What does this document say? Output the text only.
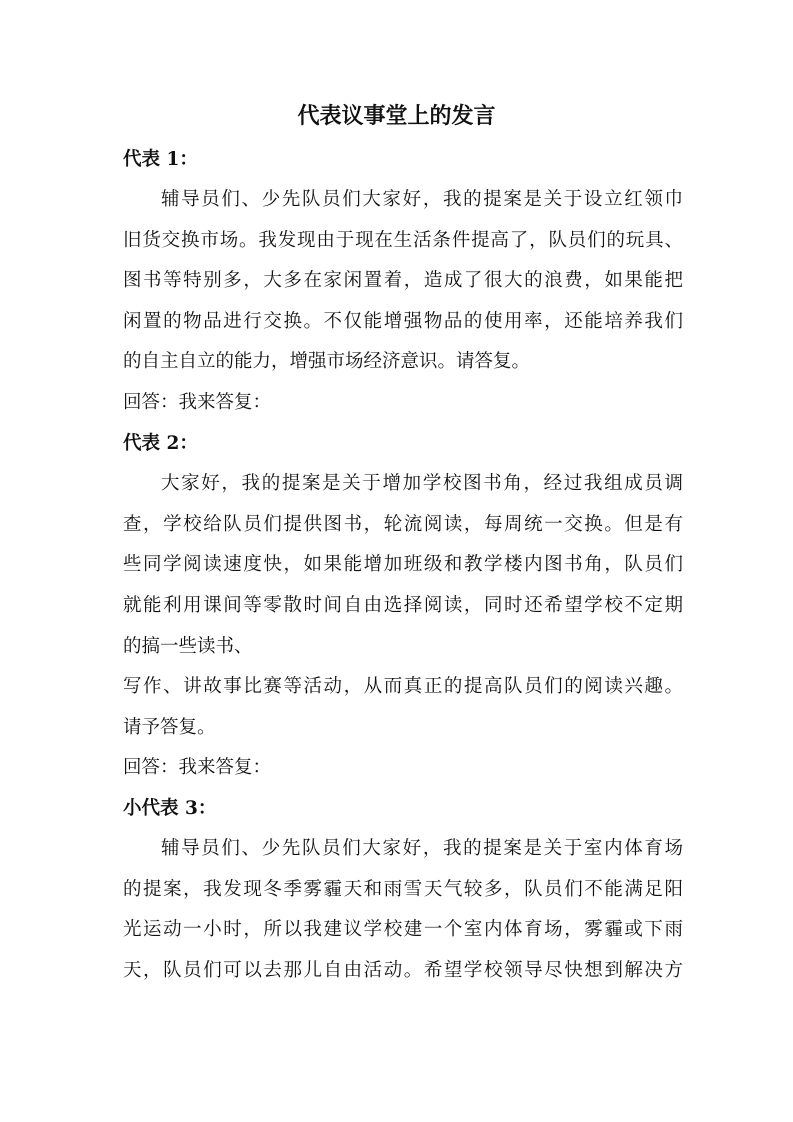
代表议事堂上的发言

代表 1：

辅导员们、少先队员们大家好，我的提案是关于设立红领巾

旧货交换市场。我发现由于现在生活条件提高了，队员们的玩具、

图书等特别多，大多在家闲置着，造成了很大的浪费，如果能把

闲置的物品进行交换。不仅能增强物品的使用率，还能培养我们

的自主自立的能力，增强市场经济意识。请答复。

回答：我来答复：

代表 2：

大家好，我的提案是关于增加学校图书角，经过我组成员调

查，学校给队员们提供图书，轮流阅读，每周统一交换。但是有

些同学阅读速度快，如果能增加班级和教学楼内图书角，队员们

就能利用课间等零散时间自由选择阅读，同时还希望学校不定期

的搞一些读书、

写作、讲故事比赛等活动，从而真正的提高队员们的阅读兴趣。

请予答复。

回答：我来答复：

小代表 3：

辅导员们、少先队员们大家好，我的提案是关于室内体育场

的提案，我发现冬季雾霾天和雨雪天气较多，队员们不能满足阳

光运动一小时，所以我建议学校建一个室内体育场，雾霾或下雨

天，队员们可以去那儿自由活动。希望学校领导尽快想到解决方
